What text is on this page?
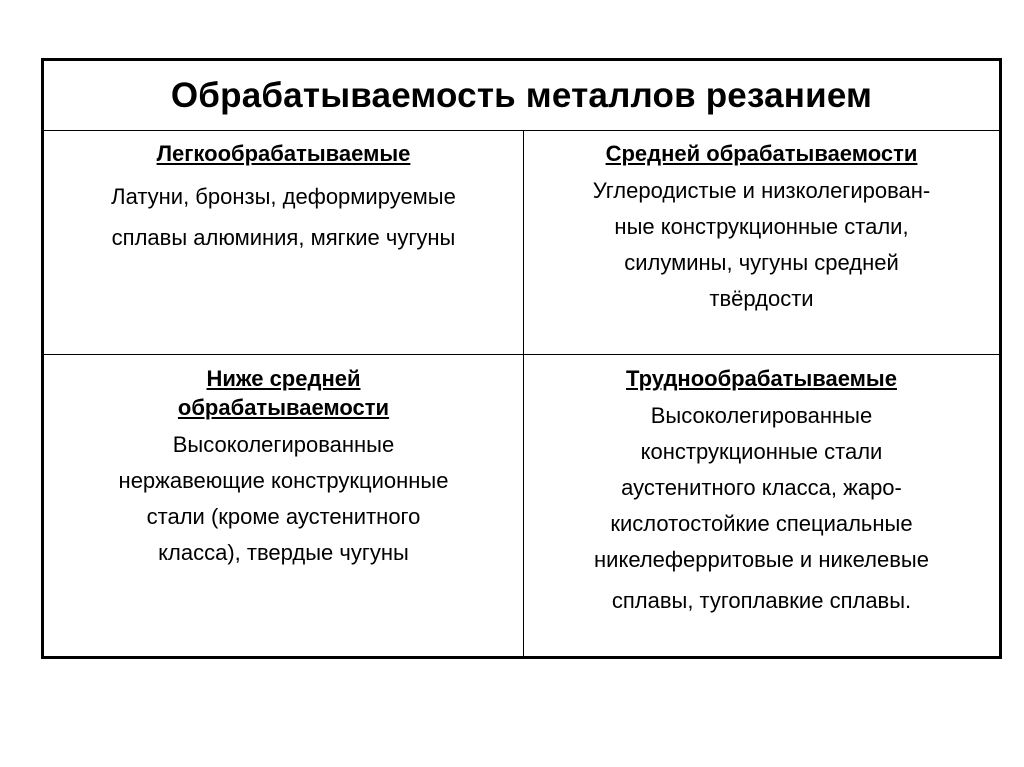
Обрабатываемость металлов резанием

Легкообрабатываемые

Латуни, бронзы, деформируемые
сплавы алюминия, мягкие чугуны

Средней обрабатываемости

Углеродистые и низколегирован-
ные конструкционные стали,
силумины, чугуны средней
твёрдости

Ниже средней
обрабатываемости

Высоколегированные
нержавеющие конструкционные
стали (кроме аустенитного
класса), твердые чугуны

Труднообрабатываемые

Высоколегированные
конструкционные стали
аустенитного класса, жаро-
кислотостойкие специальные
никелеферритовые и никелевые
сплавы, тугоплавкие сплавы.
